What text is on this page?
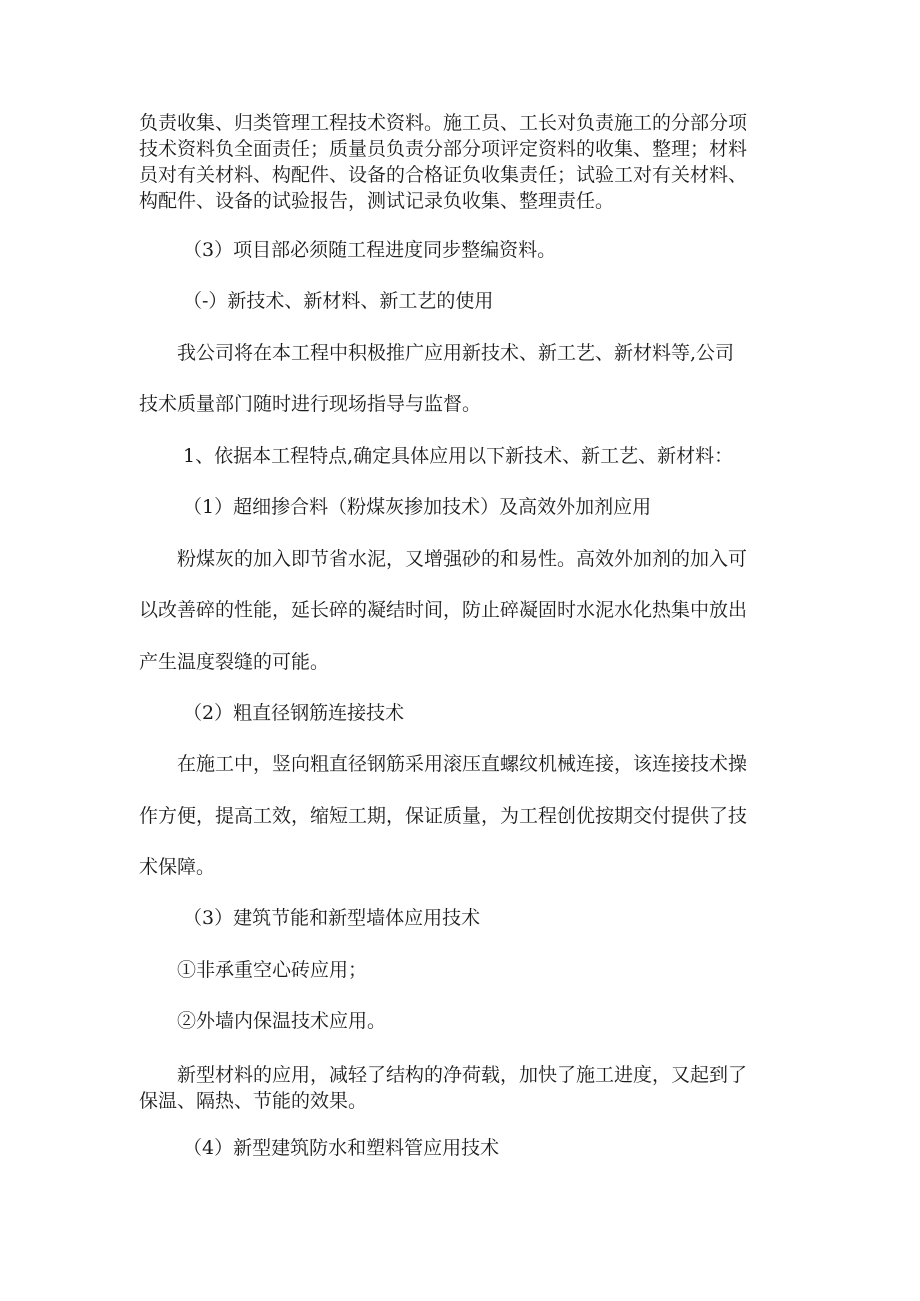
负责收集、归类管理工程技术资料。施工员、工长对负责施工的分部分项
技术资料负全面责任；质量员负责分部分项评定资料的收集、整理；材料
员对有关材料、构配件、设备的合格证负收集责任；试验工对有关材料、
构配件、设备的试验报告，测试记录负收集、整理责任。
（3）项目部必须随工程进度同步整编资料。
（-）新技术、新材料、新工艺的使用
我公司将在本工程中积极推广应用新技术、新工艺、新材料等,公司
技术质量部门随时进行现场指导与监督。
1、依据本工程特点,确定具体应用以下新技术、新工艺、新材料：
（1）超细掺合料（粉煤灰掺加技术）及高效外加剂应用
粉煤灰的加入即节省水泥，又增强砂的和易性。高效外加剂的加入可
以改善碎的性能，延长碎的凝结时间，防止碎凝固时水泥水化热集中放出
产生温度裂缝的可能。
（2）粗直径钢筋连接技术
在施工中，竖向粗直径钢筋采用滚压直螺纹机械连接，该连接技术操
作方便，提高工效，缩短工期，保证质量，为工程创优按期交付提供了技
术保障。
（3）建筑节能和新型墙体应用技术
①非承重空心砖应用；
②外墙内保温技术应用。
新型材料的应用，减轻了结构的净荷载，加快了施工进度，又起到了
保温、隔热、节能的效果。
（4）新型建筑防水和塑料管应用技术
